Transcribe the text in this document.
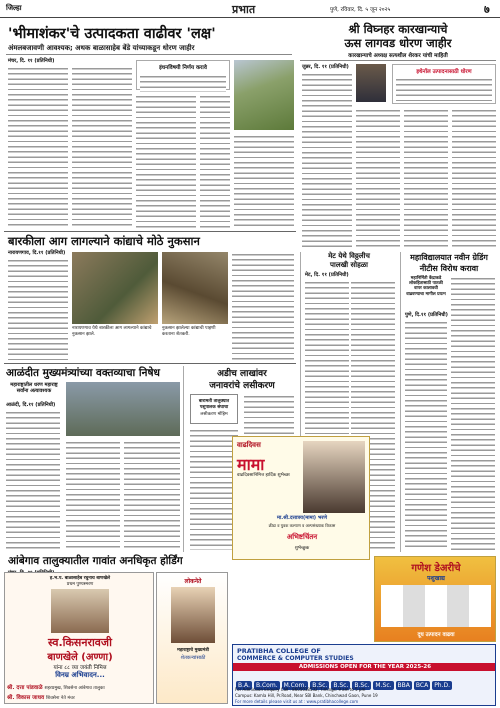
जिल्हा	प्रभात	पुणे, रविवार, दि. ५ जून २०२५	७
'भीमाशंकर'चे उत्पादकता वाढीवर 'लक्ष'
अंमलबजावणी आवश्यक; अथक बाळासाहेब बेंडे यांच्याकडून धोरण जाहीर
मंचर, दि. ११ (प्रतिनिधी)
इंधनविषयी निर्णय करावे
श्री विघ्नहर कारखान्याचे
ऊस लागवड धोरण जाहीर
कारखान्याचे अध्यक्ष सत्यशील शेरकर यांची माहिती
जुन्नर, दि. ११ (प्रतिनिधी)
इथेनॉल उत्पादनासाठी धोरण
बारकीला आग लागल्याने कांद्याचे मोठे नुकसान
नारायणगाव, दि.११ (प्रतिनिधी)
नारायणगाव येथे बारकीला आग लागल्याने कांद्याचे नुकसान झाले.
नुकसान झालेल्या कांद्याची पाहणी करताना शेतकरी.
आळंदीत मुख्यमंत्र्यांच्या वक्तव्याचा निषेध
महाराष्ट्रातील धरण महाराष्ट्र सर्वांना अत्यावश्यक
आळंदी, दि.११ (प्रतिनिधी)
अडीच लाखांवर
जनावरांचे लसीकरण
बारामती तालुक्यात पशुपालक संघाचा
लसीकरण मोहिम
मेट येथे विठ्ठलीच
पालखी सोहळा
मेट, दि. ११ (प्रतिनिधी)
महाविद्यालयात नवीन ग्रेडिंग
नीटीस विरोध करावा
महानिर्मिती केंद्राकडे लोकहितासाठी पातळी वापर कालावधी वाढवण्याचा मागील प्रयत्न
पुणे, दि.११ (प्रतिनिधी)
आंबेगाव तालुक्यातील गावांत अनधिकृत होर्डिंग
ह.भ.प. बाळासाहेब रघुनाथ बाणखेले
प्रथम पुण्यस्मरण
स्व.किसनरावजी
बाणखेले (अण्णा)
यांना ८८ व्या जयंती निमित्त
विनम्र अभिवादन...
श्री. दत्ता पांडवाळे शहरप्रमुख, शिवसेना आंबेगाव तालुका
श्री. विकास जाधव शिवसेना नेते मंचर
लोकनेते
महाराष्ट्राचे मुख्यमंत्री
शेतकऱ्यांसाठी
वाढदिवस
मामा
वाढदिवसानिमित्त हार्दिक शुभेच्छा
मा.श्री.दत्तात्रय(मामा) भरणे
क्रीडा व युवक कल्याण व अल्पसंख्याक विकास
अभिष्टचिंतन
शुभेच्छुक
गणेश डेअरीचे
पशुखाद्य
दूध उत्पादन वाढवा
PRATIBHA COLLEGE OF
COMMERCE & COMPUTER STUDIES
ADMISSIONS OPEN FOR THE YEAR 2025-26
B.A. B.Com. M.Com. B.Sc. B.Sc. B.Sc. M.Sc. BBA BCA Ph.D.
For Admission Enquiry Call : 8605038532, Timings: 9 am to 5 pm
Campus: Kamla Hill, Pr.Road, Near SBI Bank, Chinchwad Gaon, Pune 19
For more details please visit us at : www.pratibhacollege.com
